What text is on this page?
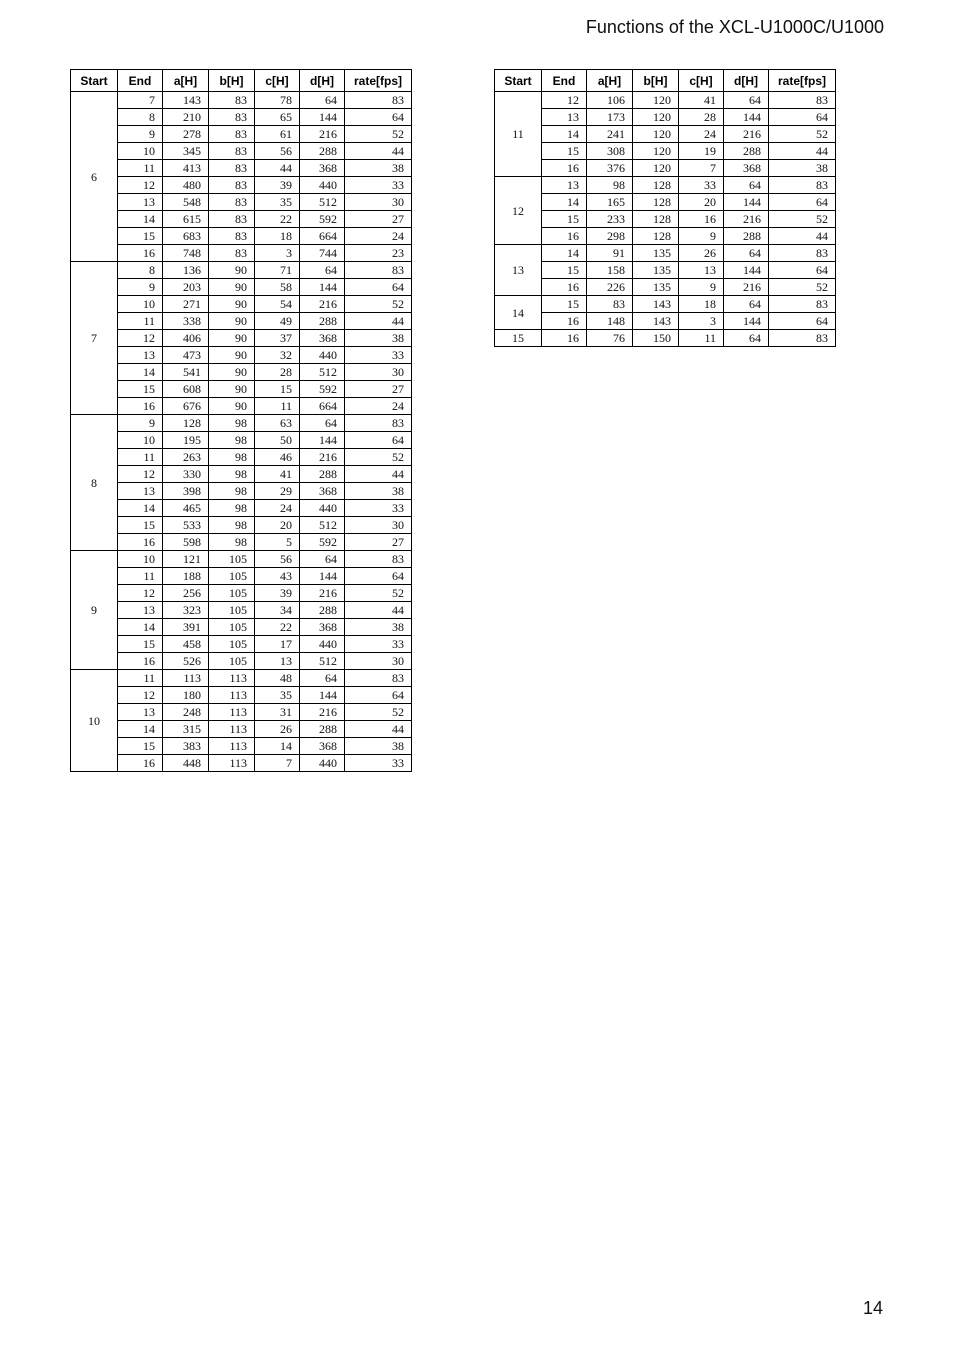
Functions of the XCL-U1000C/U1000
Start	End	a[H]	b[H]	c[H]	d[H]	rate[fps]
6	7	143	83	78	64	83
	8	210	83	65	144	64
	9	278	83	61	216	52
	10	345	83	56	288	44
	11	413	83	44	368	38
	12	480	83	39	440	33
	13	548	83	35	512	30
	14	615	83	22	592	27
	15	683	83	18	664	24
	16	748	83	3	744	23
7	8	136	90	71	64	83
	9	203	90	58	144	64
	10	271	90	54	216	52
	11	338	90	49	288	44
	12	406	90	37	368	38
	13	473	90	32	440	33
	14	541	90	28	512	30
	15	608	90	15	592	27
	16	676	90	11	664	24
8	9	128	98	63	64	83
	10	195	98	50	144	64
	11	263	98	46	216	52
	12	330	98	41	288	44
	13	398	98	29	368	38
	14	465	98	24	440	33
	15	533	98	20	512	30
	16	598	98	5	592	27
9	10	121	105	56	64	83
	11	188	105	43	144	64
	12	256	105	39	216	52
	13	323	105	34	288	44
	14	391	105	22	368	38
	15	458	105	17	440	33
	16	526	105	13	512	30
10	11	113	113	48	64	83
	12	180	113	35	144	64
	13	248	113	31	216	52
	14	315	113	26	288	44
	15	383	113	14	368	38
	16	448	113	7	440	33
Start	End	a[H]	b[H]	c[H]	d[H]	rate[fps]
11	12	106	120	41	64	83
	13	173	120	28	144	64
	14	241	120	24	216	52
	15	308	120	19	288	44
	16	376	120	7	368	38
12	13	98	128	33	64	83
	14	165	128	20	144	64
	15	233	128	16	216	52
	16	298	128	9	288	44
13	14	91	135	26	64	83
	15	158	135	13	144	64
	16	226	135	9	216	52
14	15	83	143	18	64	83
	16	148	143	3	144	64
15	16	76	150	11	64	83
14
